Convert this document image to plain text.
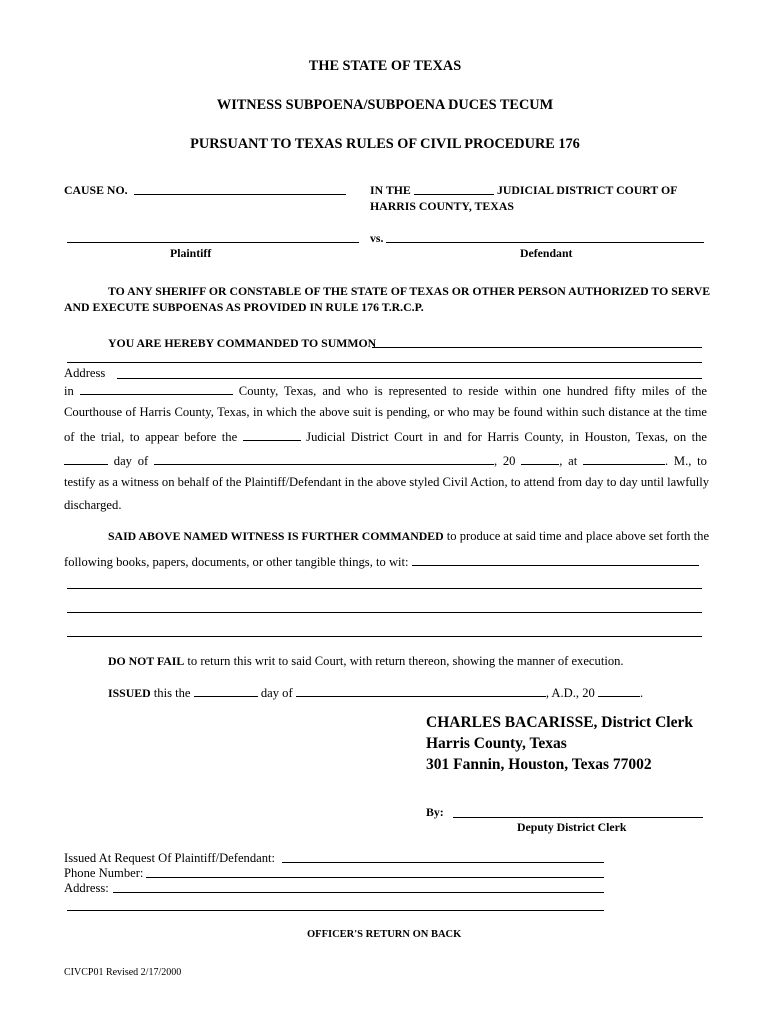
THE STATE OF TEXAS
WITNESS SUBPOENA/SUBPOENA DUCES TECUM
PURSUANT TO TEXAS RULES OF CIVIL PROCEDURE 176
CAUSE NO.	IN THE	JUDICIAL DISTRICT COURT OF
HARRIS COUNTY, TEXAS
vs.
Plaintiff	Defendant
TO ANY SHERIFF OR CONSTABLE OF THE STATE OF TEXAS OR OTHER PERSON AUTHORIZED TO SERVE
AND EXECUTE SUBPOENAS AS PROVIDED IN RULE 176 T.R.C.P.
YOU ARE HEREBY COMMANDED TO SUMMON
Address
in	County, Texas, and who is represented to reside within one hundred fifty miles of the
Courthouse of Harris County, Texas, in which the above suit is pending, or who may be found within such distance at the time
of the trial, to appear before the	Judicial District Court in and for Harris County, in Houston, Texas, on the
day of	, 20	, at	. M., to
testify as a witness on behalf of the Plaintiff/Defendant in the above styled Civil Action, to attend from day to day until lawfully
discharged.
SAID ABOVE NAMED WITNESS IS FURTHER COMMANDED to produce at said time and place above set forth the
following books, papers, documents, or other tangible things, to wit:
DO NOT FAIL to return this writ to said Court, with return thereon, showing the manner of execution.
ISSUED this the	day of	, A.D., 20	.
CHARLES BACARISSE, District Clerk
Harris County, Texas
301 Fannin, Houston, Texas 77002
By:
Deputy District Clerk
Issued At Request Of Plaintiff/Defendant:
Phone Number:
Address:
OFFICER'S RETURN ON BACK
CIVCP01 Revised 2/17/2000
